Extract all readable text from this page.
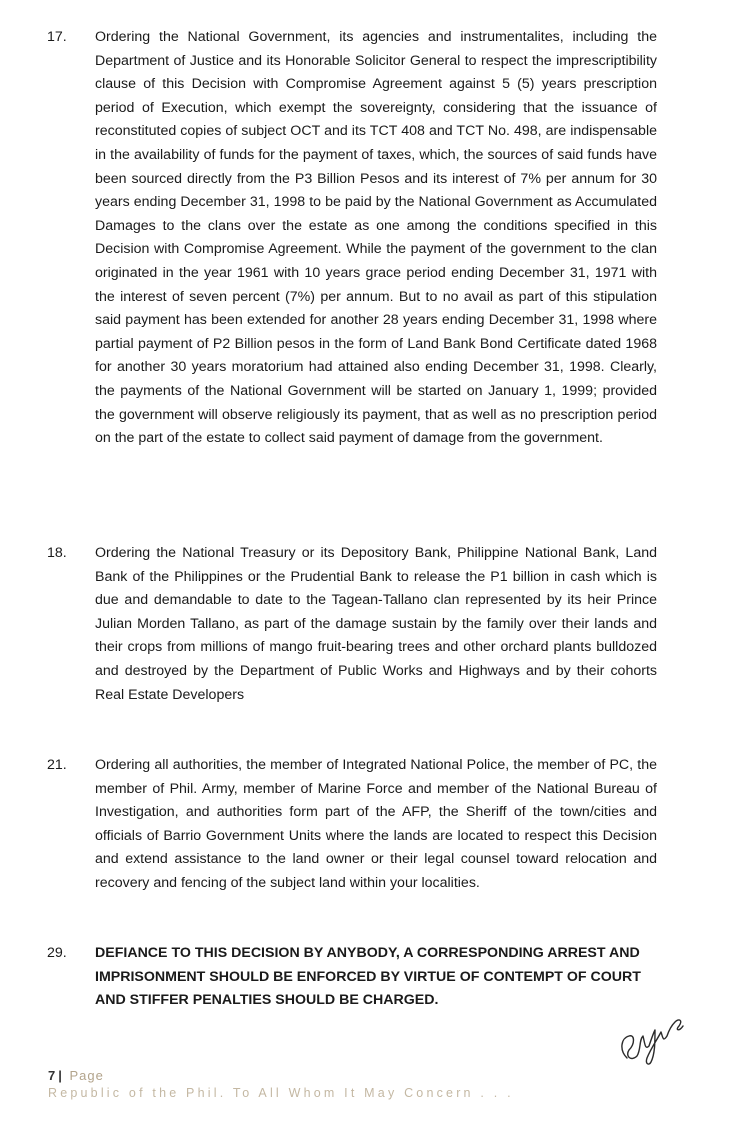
17. Ordering the National Government, its agencies and instrumentalites, including the Department of Justice and its Honorable Solicitor General to respect the imprescriptibility clause of this Decision with Compromise Agreement against 5 (5) years prescription period of Execution, which exempt the sovereignty, considering that the issuance of reconstituted copies of subject OCT and its TCT 408 and TCT No. 498, are indispensable in the availability of funds for the payment of taxes, which, the sources of said funds have been sourced directly from the P3 Billion Pesos and its interest of 7% per annum for 30 years ending December 31, 1998 to be paid by the National Government as Accumulated Damages to the clans over the estate as one among the conditions specified in this Decision with Compromise Agreement. While the payment of the government to the clan originated in the year 1961 with 10 years grace period ending December 31, 1971 with the interest of seven percent (7%) per annum. But to no avail as part of this stipulation said payment has been extended for another 28 years ending December 31, 1998 where partial payment of P2 Billion pesos in the form of Land Bank Bond Certificate dated 1968 for another 30 years moratorium had attained also ending December 31, 1998. Clearly, the payments of the National Government will be started on January 1, 1999; provided the government will observe religiously its payment, that as well as no prescription period on the part of the estate to collect said payment of damage from the government.
18. Ordering the National Treasury or its Depository Bank, Philippine National Bank, Land Bank of the Philippines or the Prudential Bank to release the P1 billion in cash which is due and demandable to date to the Tagean-Tallano clan represented by its heir Prince Julian Morden Tallano, as part of the damage sustain by the family over their lands and their crops from millions of mango fruit-bearing trees and other orchard plants bulldozed and destroyed by the Department of Public Works and Highways and by their cohorts Real Estate Developers
21. Ordering all authorities, the member of Integrated National Police, the member of PC, the member of Phil. Army, member of Marine Force and member of the National Bureau of Investigation, and authorities form part of the AFP, the Sheriff of the town/cities and officials of Barrio Government Units where the lands are located to respect this Decision and extend assistance to the land owner or their legal counsel toward relocation and recovery and fencing of the subject land within your localities.
29. DEFIANCE TO THIS DECISION BY ANYBODY, A CORRESPONDING ARREST AND IMPRISONMENT SHOULD BE ENFORCED BY VIRTUE OF CONTEMPT OF COURT AND STIFFER PENALTIES SHOULD BE CHARGED.
7 | Page
Republic of the Phil. To All Whom It May Concern . . .
